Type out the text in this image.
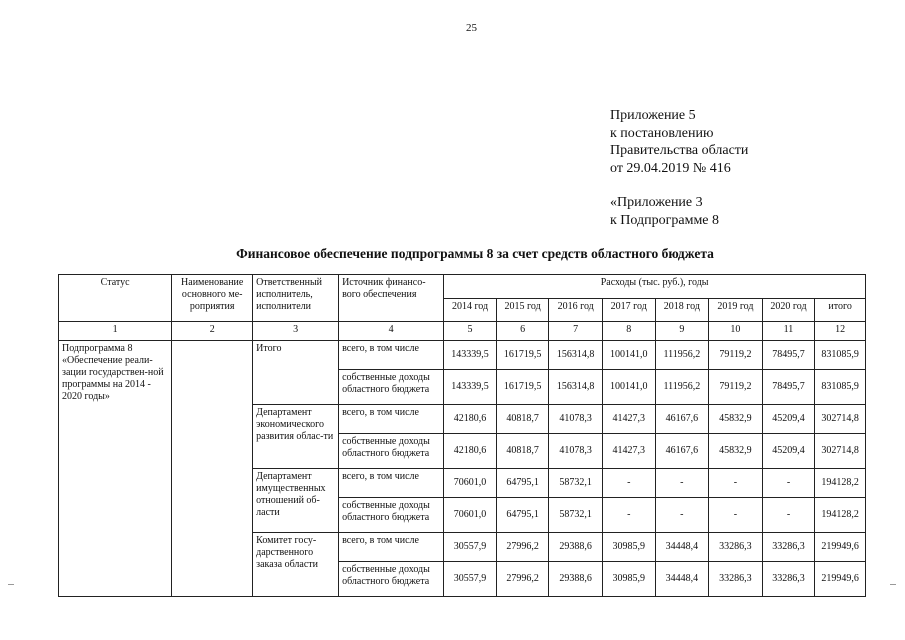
25
Приложение 5
к постановлению
Правительства области
от 29.04.2019 № 416
«Приложение 3
к Подпрограмме 8
Финансовое обеспечение подпрограммы 8 за счет средств областного бюджета
Статус	Наименование основного ме-роприятия	Ответственный исполнитель, исполнители	Источник финансо-вого обеспечения	Расходы (тыс. руб.), годы							
				2014 год	2015 год	2016 год	2017 год	2018 год	2019 год	2020 год	итого
1	2	3	4	5	6	7	8	9	10	11	12
Подпрограмма 8 «Обеспечение реали-зации государствен-ной программы на 2014 - 2020 годы»		Итого	всего, в том числе	143339,5	161719,5	156314,8	100141,0	111956,2	79119,2	78495,7	831085,9
			собственные доходы областного бюджета	143339,5	161719,5	156314,8	100141,0	111956,2	79119,2	78495,7	831085,9
		Департамент экономического развития облас-ти	всего, в том числе	42180,6	40818,7	41078,3	41427,3	46167,6	45832,9	45209,4	302714,8
			собственные доходы областного бюджета	42180,6	40818,7	41078,3	41427,3	46167,6	45832,9	45209,4	302714,8
		Департамент имущественных отношений об-ласти	всего, в том числе	70601,0	64795,1	58732,1	-	-	-	-	194128,2
			собственные доходы областного бюджета	70601,0	64795,1	58732,1	-	-	-	-	194128,2
		Комитет госу-дарственного заказа области	всего, в том числе	30557,9	27996,2	29388,6	30985,9	34448,4	33286,3	33286,3	219949,6
			собственные доходы областного бюджета	30557,9	27996,2	29388,6	30985,9	34448,4	33286,3	33286,3	219949,6
